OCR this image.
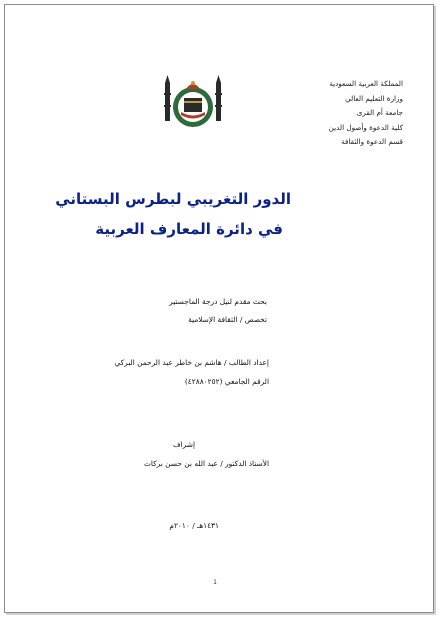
المملكة العربية السعودية
وزارة التعليم العالي
جامعة أم القرى
كلية الدعوة وأصول الدين
قسم الدعوة والثقافة
الدور التغريبي لبطرس البستاني
في دائرة المعارف العربية
بحث مقدم لنيل درجة الماجستير
تخصص / الثقافة الإسلامية
إعداد الطالب / هاشم بن خاطر عبد الرحمن البركي
الرقم الجامعي (٤٢٨٨٠٢٥٢)
إشراف
الأستاذ الدكتور / عبد الله بن حسن بركات
١٤٣١هـ / ٢٠١٠م
1
